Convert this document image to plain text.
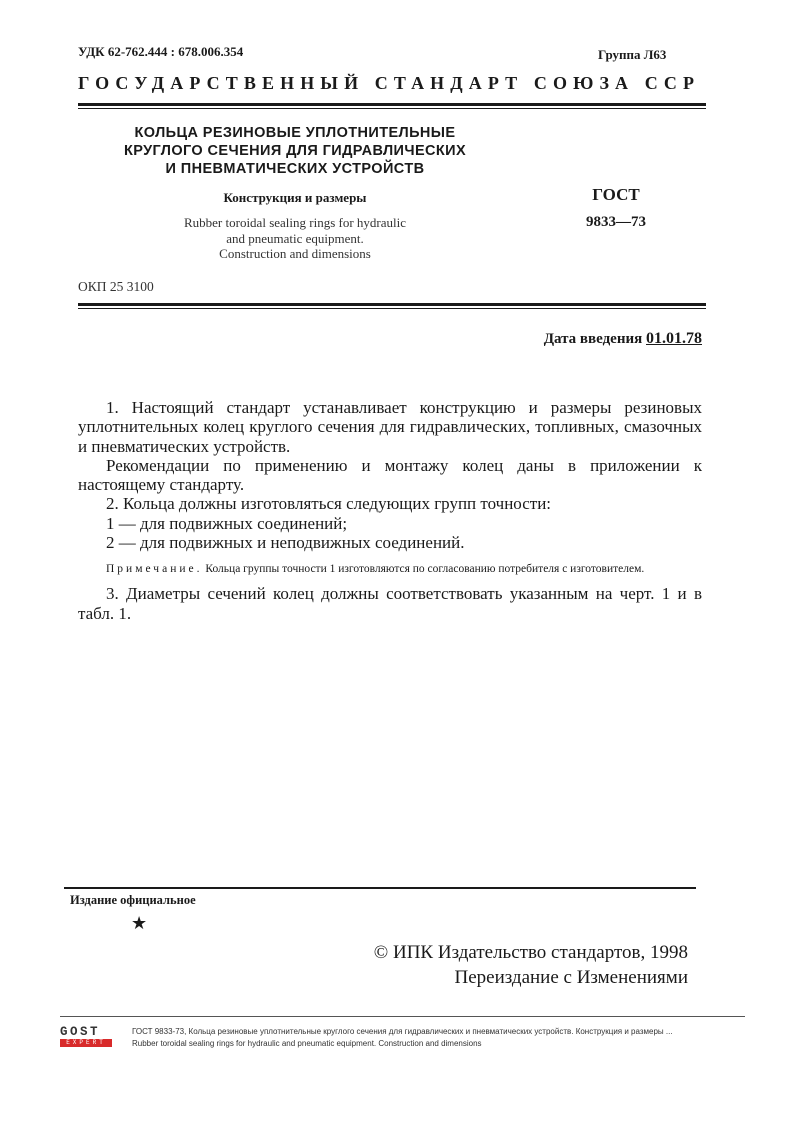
УДК 62-762.444 : 678.006.354	Группа Л63
ГОСУДАРСТВЕННЫЙ СТАНДАРТ СОЮЗА ССР
КОЛЬЦА РЕЗИНОВЫЕ УПЛОТНИТЕЛЬНЫЕ
КРУГЛОГО СЕЧЕНИЯ ДЛЯ ГИДРАВЛИЧЕСКИХ
И ПНЕВМАТИЧЕСКИХ УСТРОЙСТВ
Конструкция и размеры
Rubber toroidal sealing rings for hydraulic
and pneumatic equipment.
Construction and dimensions
ГОСТ
9833—73
ОКП 25 3100
Дата введения 01.01.78

1. Настоящий стандарт устанавливает конструкцию и размеры резиновых уплотнительных колец круглого сечения для гидравлических, топливных, смазочных и пневматических устройств.

Рекомендации по применению и монтажу колец даны в приложении к настоящему стандарту.

2. Кольца должны изготовляться следующих групп точности:

1 — для подвижных соединений;

2 — для подвижных и неподвижных соединений.

Примечание. Кольца группы точности 1 изготовляются по согласованию потребителя с изготовителем.

3. Диаметры сечений колец должны соответствовать указанным на черт. 1 и в табл. 1.

Издание официальное
★
© ИПК Издательство стандартов, 1998
Переиздание с Изменениями
GOST
EXPERT
ГОСТ 9833-73, Кольца резиновые уплотнительные круглого сечения для гидравлических и пневматических устройств. Конструкция и размеры ...
Rubber toroidal sealing rings for hydraulic and pneumatic equipment. Construction and dimensions
